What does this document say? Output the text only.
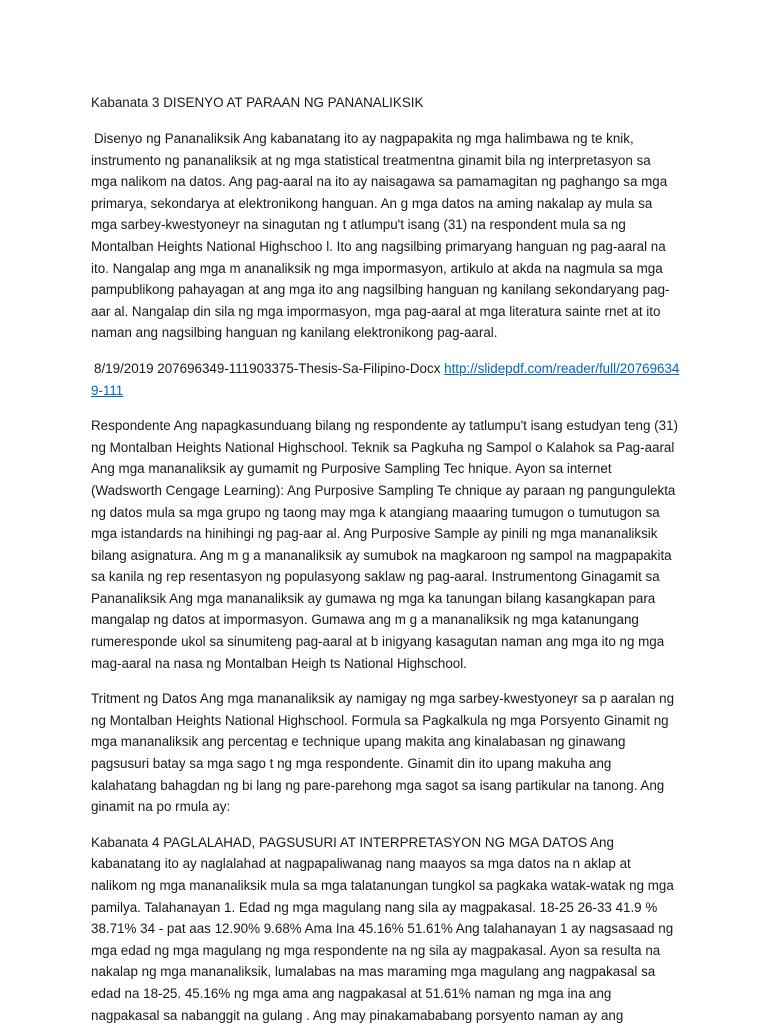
Kabanata 3 DISENYO AT PARAAN NG PANANALIKSIK

Disenyo ng Pananaliksik Ang kabanatang ito ay nagpapakita ng mga halimbawa ng te knik, instrumento ng pananaliksik at ng mga statistical treatmentna ginamit bila ng interpretasyon sa mga nalikom na datos. Ang pag-aaral na ito ay naisagawa sa pamamagitan ng paghango sa mga primarya, sekondarya at elektronikong hanguan. An g mga datos na aming nakalap ay mula sa mga sarbey-kwestyoneyr na sinagutan ng t atlumpu't isang (31) na respondent mula sa ng Montalban Heights National Highschoo l. Ito ang nagsilbing primaryang hanguan ng pag-aaral na ito. Nangalap ang mga m ananaliksik ng mga impormasyon, artikulo at akda na nagmula sa mga pampublikong pahayagan at ang mga ito ang nagsilbing hanguan ng kanilang sekondaryang pag-aar al. Nangalap din sila ng mga impormasyon, mga pag-aaral at mga literatura sainte rnet at ito naman ang nagsilbing hanguan ng kanilang elektronikong pag-aaral.

8/19/2019 207696349-111903375-Thesis-Sa-Filipino-Docx http://slidepdf.com/reader/full/207696349-111

Respondente Ang napagkasunduang bilang ng respondente ay tatlumpu't isang estudyan teng (31) ng Montalban Heights National Highschool. Teknik sa Pagkuha ng Sampol o Kalahok sa Pag-aaral Ang mga mananaliksik ay gumamit ng Purposive Sampling Tec hnique. Ayon sa internet (Wadsworth Cengage Learning): Ang Purposive Sampling Te chnique ay paraan ng pangungulekta ng datos mula sa mga grupo ng taong may mga k atangiang maaaring tumugon o tumutugon sa mga istandards na hinihingi ng pag-aar al. Ang Purposive Sample ay pinili ng mga mananaliksik bilang asignatura. Ang m g a mananaliksik ay sumubok na magkaroon ng sampol na magpapakita sa kanila ng rep resentasyon ng populasyong saklaw ng pag-aaral. Instrumentong Ginagamit sa Pananaliksik Ang mga mananaliksik ay gumawa ng mga ka tanungan bilang kasangkapan para mangalap ng datos at impormasyon. Gumawa ang m g a mananaliksik ng mga katanungang rumeresponde ukol sa sinumiteng pag-aaral at b inigyang kasagutan naman ang mga ito ng mga mag-aaral na nasa ng Montalban Heigh ts National Highschool.

Tritment ng Datos Ang mga mananaliksik ay namigay ng mga sarbey-kwestyoneyr sa p aaralan ng ng Montalban Heights National Highschool. Formula sa Pagkalkula ng mga Porsyento Ginamit ng mga mananaliksik ang percentag e technique upang makita ang kinalabasan ng ginawang pagsusuri batay sa mga sago t ng mga respondente. Ginamit din ito upang makuha ang kalahatang bahagdan ng bi lang ng pare-parehong mga sagot sa isang partikular na tanong. Ang ginamit na po rmula ay:

Kabanata 4 PAGLALAHAD, PAGSUSURI AT INTERPRETASYON NG MGA DATOS Ang kabanatang ito ay naglalahad at nagpapaliwanag nang maayos sa mga datos na n aklap at nalikom ng mga mananaliksik mula sa mga talatanungan tungkol sa pagkaka watak-watak ng mga pamilya. Talahanayan 1. Edad ng mga magulang nang sila ay magpakasal. 18-25 26-33 41.9 % 38.71% 34 - pat aas 12.90% 9.68% Ama Ina 45.16% 51.61% Ang talahanayan 1 ay nagsasaad ng mga edad ng mga magulang ng mga respondente na ng sila ay magpakasal. Ayon sa resulta na nakalap ng mga mananaliksik, lumalabas na mas maraming mga magulang ang nagpakasal sa edad na 18-25. 45.16% ng mga ama ang nagpakasal at 51.61% naman ng mga ina ang nagpakasal sa nabanggit na gulang . Ang may pinakamababang porsyento naman ay ang
